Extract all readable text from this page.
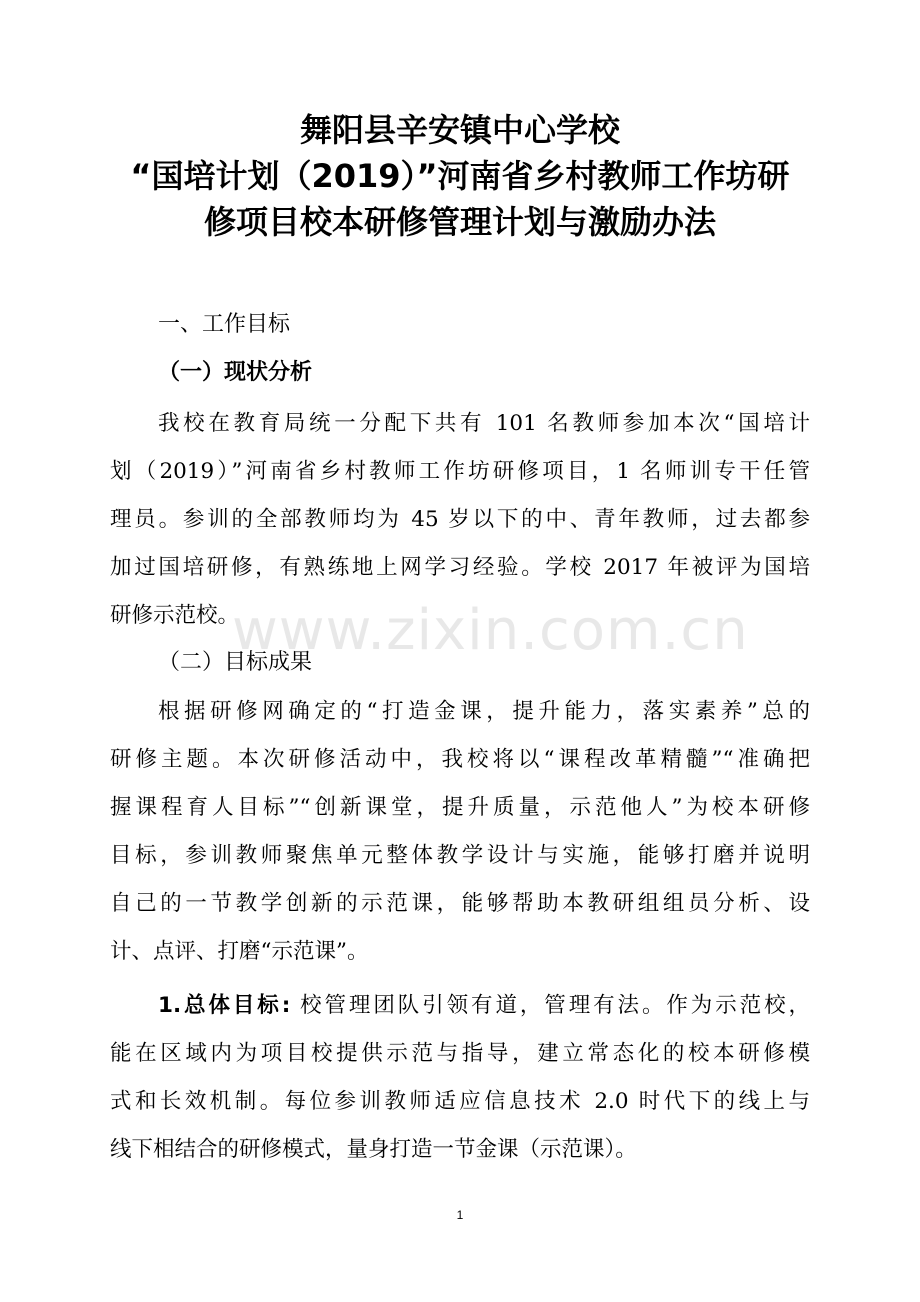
舞阳县辛安镇中心学校
“国培计划（2019）”河南省乡村教师工作坊研
修项目校本研修管理计划与激励办法
一、工作目标
（一）现状分析
我校在教育局统一分配下共有 101 名教师参加本次“国培计
划（2019）”河南省乡村教师工作坊研修项目，1 名师训专干任管
理员。参训的全部教师均为 45 岁以下的中、青年教师，过去都参
加过国培研修，有熟练地上网学习经验。学校 2017 年被评为国培
研修示范校。
（二）目标成果
根据研修网确定的“打造金课，提升能力，落实素养”总的
研修主题。本次研修活动中，我校将以“课程改革精髓”“准确把
握课程育人目标”“创新课堂，提升质量，示范他人”为校本研修
目标，参训教师聚焦单元整体教学设计与实施，能够打磨并说明
自己的一节教学创新的示范课，能够帮助本教研组组员分析、设
计、点评、打磨“示范课”。
1.总体目标: 校管理团队引领有道，管理有法。作为示范校，
能在区域内为项目校提供示范与指导，建立常态化的校本研修模
式和长效机制。每位参训教师适应信息技术 2.0 时代下的线上与
线下相结合的研修模式，量身打造一节金课（示范课）。
www.zixin.com.cn
1
